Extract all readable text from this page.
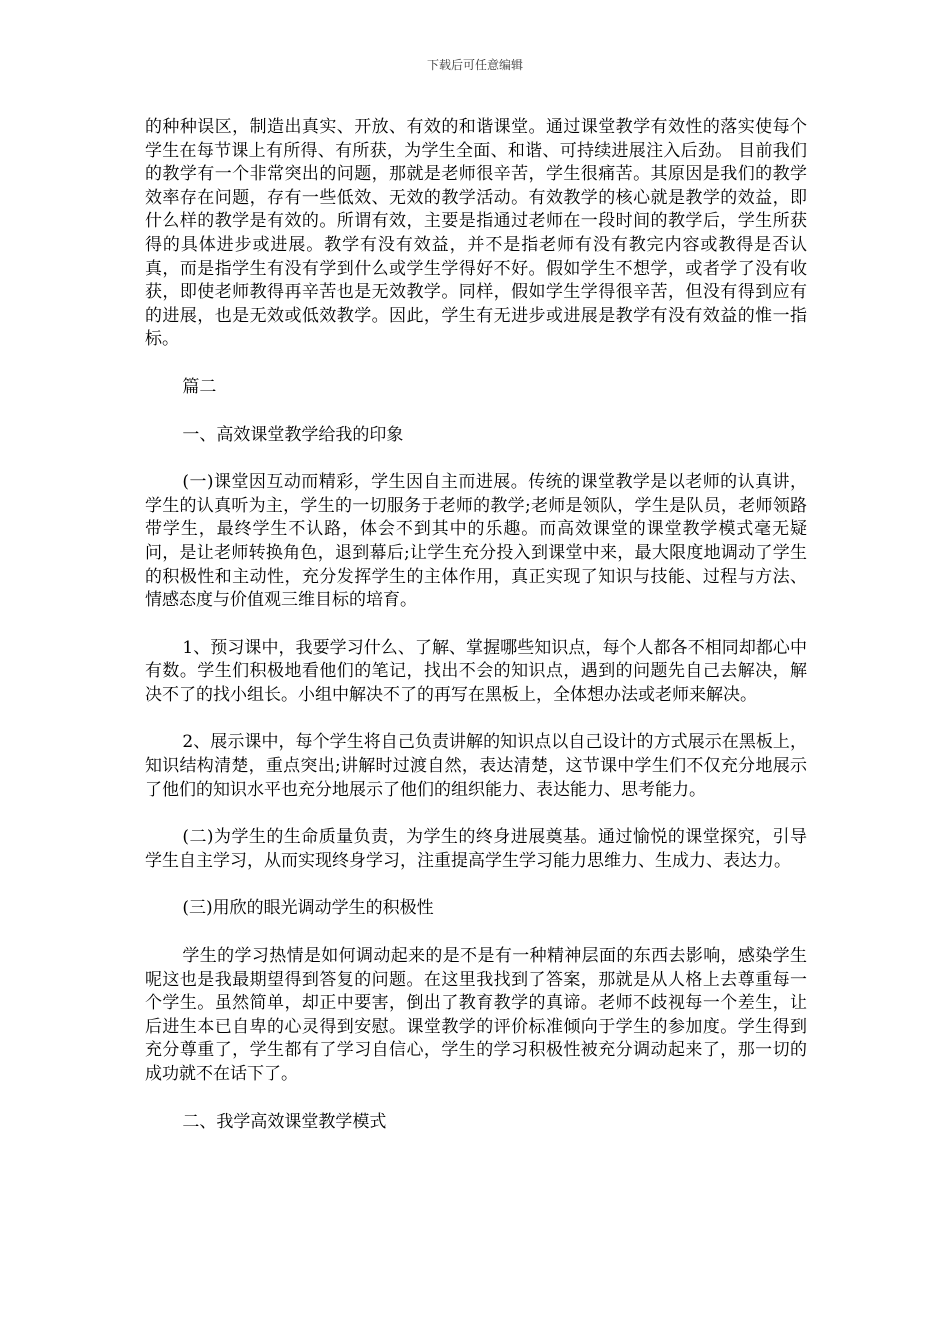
下载后可任意编辑

的种种误区，制造出真实、开放、有效的和谐课堂。通过课堂教学有效性的落实使每个学生在每节课上有所得、有所获，为学生全面、和谐、可持续进展注入后劲。 目前我们的教学有一个非常突出的问题，那就是老师很辛苦，学生很痛苦。其原因是我们的教学效率存在问题，存有一些低效、无效的教学活动。有效教学的核心就是教学的效益，即什么样的教学是有效的。所谓有效，主要是指通过老师在一段时间的教学后，学生所获得的具体进步或进展。教学有没有效益，并不是指老师有没有教完内容或教得是否认真，而是指学生有没有学到什么或学生学得好不好。假如学生不想学，或者学了没有收获，即使老师教得再辛苦也是无效教学。同样，假如学生学得很辛苦，但没有得到应有的进展，也是无效或低效教学。因此，学生有无进步或进展是教学有没有效益的惟一指标。

篇二

一、高效课堂教学给我的印象

(一)课堂因互动而精彩，学生因自主而进展。传统的课堂教学是以老师的认真讲，学生的认真听为主，学生的一切服务于老师的教学;老师是领队，学生是队员，老师领路带学生，最终学生不认路，体会不到其中的乐趣。而高效课堂的课堂教学模式毫无疑问，是让老师转换角色，退到幕后;让学生充分投入到课堂中来，最大限度地调动了学生的积极性和主动性，充分发挥学生的主体作用，真正实现了知识与技能、过程与方法、情感态度与价值观三维目标的培育。

1、预习课中，我要学习什么、了解、掌握哪些知识点，每个人都各不相同却都心中有数。学生们积极地看他们的笔记，找出不会的知识点，遇到的问题先自己去解决，解决不了的找小组长。小组中解决不了的再写在黑板上，全体想办法或老师来解决。

2、展示课中，每个学生将自己负责讲解的知识点以自己设计的方式展示在黑板上，知识结构清楚，重点突出;讲解时过渡自然，表达清楚，这节课中学生们不仅充分地展示了他们的知识水平也充分地展示了他们的组织能力、表达能力、思考能力。

(二)为学生的生命质量负责，为学生的终身进展奠基。通过愉悦的课堂探究，引导学生自主学习，从而实现终身学习，注重提高学生学习能力思维力、生成力、表达力。

(三)用欣的眼光调动学生的积极性

学生的学习热情是如何调动起来的是不是有一种精神层面的东西去影响，感染学生呢这也是我最期望得到答复的问题。在这里我找到了答案，那就是从人格上去尊重每一个学生。虽然简单，却正中要害，倒出了教育教学的真谛。老师不歧视每一个差生，让后进生本已自卑的心灵得到安慰。课堂教学的评价标准倾向于学生的参加度。学生得到充分尊重了，学生都有了学习自信心，学生的学习积极性被充分调动起来了，那一切的成功就不在话下了。

二、我学高效课堂教学模式
